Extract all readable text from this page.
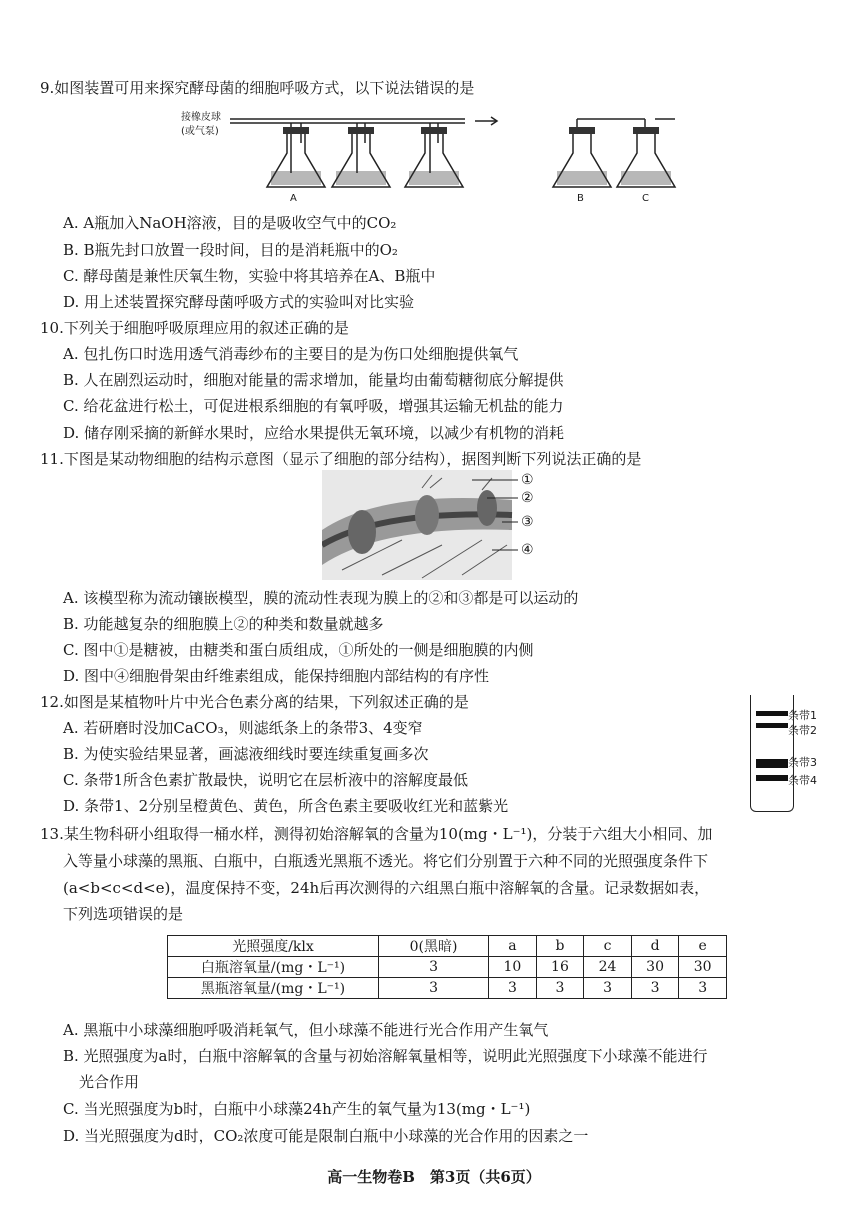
9.如图装置可用来探究酵母菌的细胞呼吸方式，以下说法错误的是
接橡皮球
(或气泵)
A	B	C
A. A瓶加入NaOH溶液，目的是吸收空气中的CO₂
B. B瓶先封口放置一段时间，目的是消耗瓶中的O₂
C. 酵母菌是兼性厌氧生物，实验中将其培养在A、B瓶中
D. 用上述装置探究酵母菌呼吸方式的实验叫对比实验
10.下列关于细胞呼吸原理应用的叙述正确的是
A. 包扎伤口时选用透气消毒纱布的主要目的是为伤口处细胞提供氧气
B. 人在剧烈运动时，细胞对能量的需求增加，能量均由葡萄糖彻底分解提供
C. 给花盆进行松土，可促进根系细胞的有氧呼吸，增强其运输无机盐的能力
D. 储存刚采摘的新鲜水果时，应给水果提供无氧环境，以减少有机物的消耗
11.下图是某动物细胞的结构示意图（显示了细胞的部分结构），据图判断下列说法正确的是
①
②
③
④
A. 该模型称为流动镶嵌模型，膜的流动性表现为膜上的②和③都是可以运动的
B. 功能越复杂的细胞膜上②的种类和数量就越多
C. 图中①是糖被，由糖类和蛋白质组成，①所处的一侧是细胞膜的内侧
D. 图中④细胞骨架由纤维素组成，能保持细胞内部结构的有序性
12.如图是某植物叶片中光合色素分离的结果，下列叙述正确的是
条带1
条带2
条带3
条带4
A. 若研磨时没加CaCO₃，则滤纸条上的条带3、4变窄
B. 为使实验结果显著，画滤液细线时要连续重复画多次
C. 条带1所含色素扩散最快，说明它在层析液中的溶解度最低
D. 条带1、2分别呈橙黄色、黄色，所含色素主要吸收红光和蓝紫光
13.某生物科研小组取得一桶水样，测得初始溶解氧的含量为10(mg・L⁻¹)，分装于六组大小相同、加
入等量小球藻的黑瓶、白瓶中，白瓶透光黑瓶不透光。将它们分别置于六种不同的光照强度条件下
(a<b<c<d<e)，温度保持不变，24h后再次测得的六组黑白瓶中溶解氧的含量。记录数据如表，
下列选项错误的是
光照强度/klx	0(黑暗)	a	b	c	d	e
白瓶溶氧量/(mg・L⁻¹)	3	10	16	24	30	30
黑瓶溶氧量/(mg・L⁻¹)	3	3	3	3	3	3
A. 黑瓶中小球藻细胞呼吸消耗氧气，但小球藻不能进行光合作用产生氧气
B. 光照强度为a时，白瓶中溶解氧的含量与初始溶解氧量相等，说明此光照强度下小球藻不能进行
光合作用
C. 当光照强度为b时，白瓶中小球藻24h产生的氧气量为13(mg・L⁻¹)
D. 当光照强度为d时，CO₂浓度可能是限制白瓶中小球藻的光合作用的因素之一
高一生物卷B　第3页（共6页）
